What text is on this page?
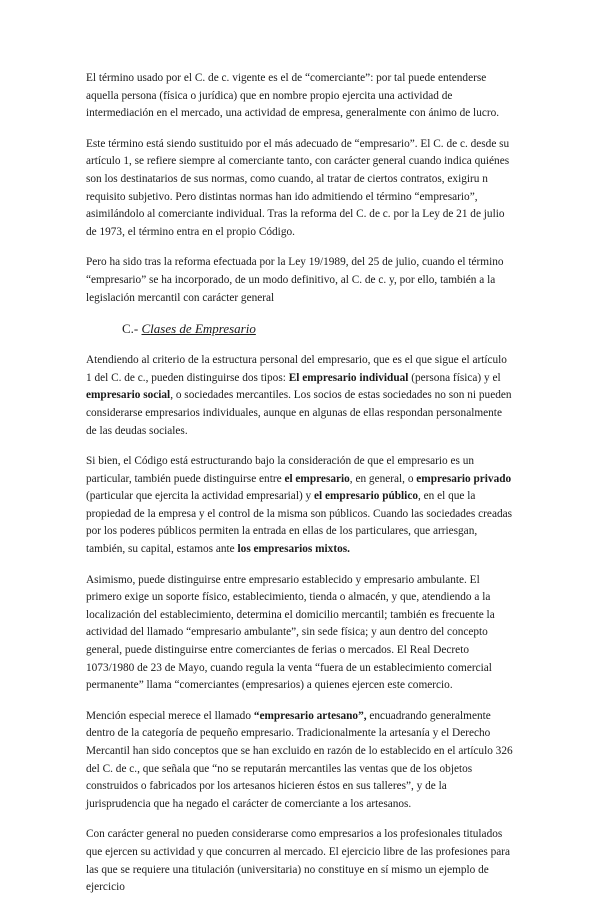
El término usado por el C. de c. vigente es el de “comerciante”: por tal puede entenderse aquella persona (física o jurídica) que en nombre propio ejercita una actividad de intermediación en el mercado, una actividad de empresa, generalmente con ánimo de lucro.

Este término está siendo sustituido por el más adecuado de “empresario”. El C. de c. desde su artículo 1, se refiere siempre al comerciante tanto, con carácter general cuando indica quiénes son los destinatarios de sus normas, como cuando, al tratar de ciertos contratos, exigiru n requisito subjetivo. Pero distintas normas han ido admitiendo el término “empresario”, asimilándolo al comerciante individual. Tras la reforma del C. de c. por la Ley de 21 de julio de 1973, el término entra en el propio Código.

Pero ha sido tras la reforma efectuada por la Ley 19/1989, del 25 de julio, cuando el término “empresario” se ha incorporado, de un modo definitivo, al C. de c. y, por ello, también a la legislación mercantil con carácter general

C.- Clases de Empresario

Atendiendo al criterio de la estructura personal del empresario, que es el que sigue el artículo 1 del C. de c., pueden distinguirse dos tipos: El empresario individual (persona física) y el empresario social, o sociedades mercantiles. Los socios de estas sociedades no son ni pueden considerarse empresarios individuales, aunque en algunas de ellas respondan personalmente de las deudas sociales.

Si bien, el Código está estructurando bajo la consideración de que el empresario es un particular, también puede distinguirse entre el empresario, en general, o empresario privado (particular que ejercita la actividad empresarial) y el empresario público, en el que la propiedad de la empresa y el control de la misma son públicos. Cuando las sociedades creadas por los poderes públicos permiten la entrada en ellas de los particulares, que arriesgan, también, su capital, estamos ante los empresarios mixtos.

Asimismo, puede distinguirse entre empresario establecido y empresario ambulante. El primero exige un soporte físico, establecimiento, tienda o almacén, y que, atendiendo a la localización del establecimiento, determina el domicilio mercantil; también es frecuente la actividad del llamado “empresario ambulante”, sin sede física; y aun dentro del concepto general, puede distinguirse entre comerciantes de ferias o mercados. El Real Decreto 1073/1980 de 23 de Mayo, cuando regula la venta “fuera de un establecimiento comercial permanente” llama “comerciantes (empresarios) a quienes ejercen este comercio.

Mención especial merece el llamado “empresario artesano”, encuadrando generalmente dentro de la categoría de pequeño empresario. Tradicionalmente la artesanía y el Derecho Mercantil han sido conceptos que se han excluido en razón de lo establecido en el artículo 326 del C. de c., que señala que “no se reputarán mercantiles las ventas que de los objetos construidos o fabricados por los artesanos hicieren éstos en sus talleres”, y de la jurisprudencia que ha negado el carácter de comerciante a los artesanos.

Con carácter general no pueden considerarse como empresarios a los profesionales titulados que ejercen su actividad y que concurren al mercado. El ejercicio libre de las profesiones para las que se requiere una titulación (universitaria) no constituye en sí mismo un ejemplo de ejercicio
